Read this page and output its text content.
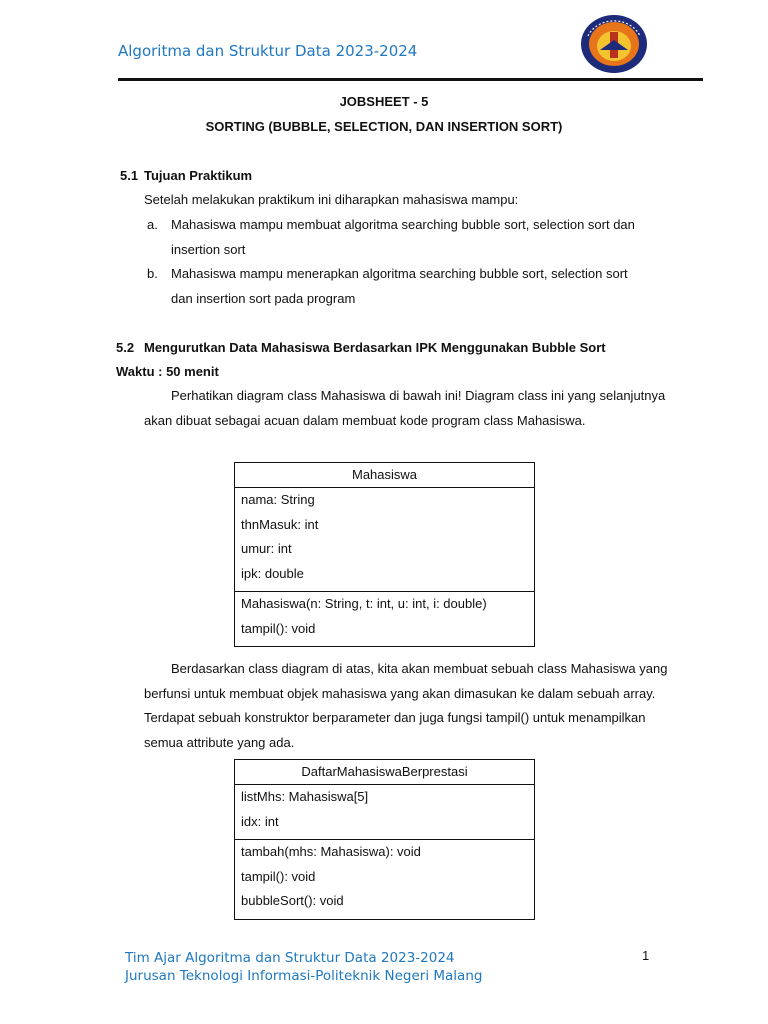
Algoritma dan Struktur Data 2023-2024
JOBSHEET - 5
SORTING (BUBBLE, SELECTION, DAN INSERTION SORT)
5.1 Tujuan Praktikum
Setelah melakukan praktikum ini diharapkan mahasiswa mampu:
a. Mahasiswa mampu membuat algoritma searching bubble sort, selection sort dan
insertion sort
b. Mahasiswa mampu menerapkan algoritma searching bubble sort, selection sort
dan insertion sort pada program
5.2 Mengurutkan Data Mahasiswa Berdasarkan IPK Menggunakan Bubble Sort
Waktu : 50 menit
Perhatikan diagram class Mahasiswa di bawah ini! Diagram class ini yang selanjutnya
akan dibuat sebagai acuan dalam membuat kode program class Mahasiswa.
Mahasiswa
nama: String
thnMasuk: int
umur: int
ipk: double
Mahasiswa(n: String, t: int, u: int, i: double)
tampil(): void
Berdasarkan class diagram di atas, kita akan membuat sebuah class Mahasiswa yang
berfunsi untuk membuat objek mahasiswa yang akan dimasukan ke dalam sebuah array.
Terdapat sebuah konstruktor berparameter dan juga fungsi tampil() untuk menampilkan
semua attribute yang ada.
DaftarMahasiswaBerprestasi
listMhs: Mahasiswa[5]
idx: int
tambah(mhs: Mahasiswa): void
tampil(): void
bubbleSort(): void
Tim Ajar Algoritma dan Struktur Data 2023-2024
Jurusan Teknologi Informasi-Politeknik Negeri Malang
1
